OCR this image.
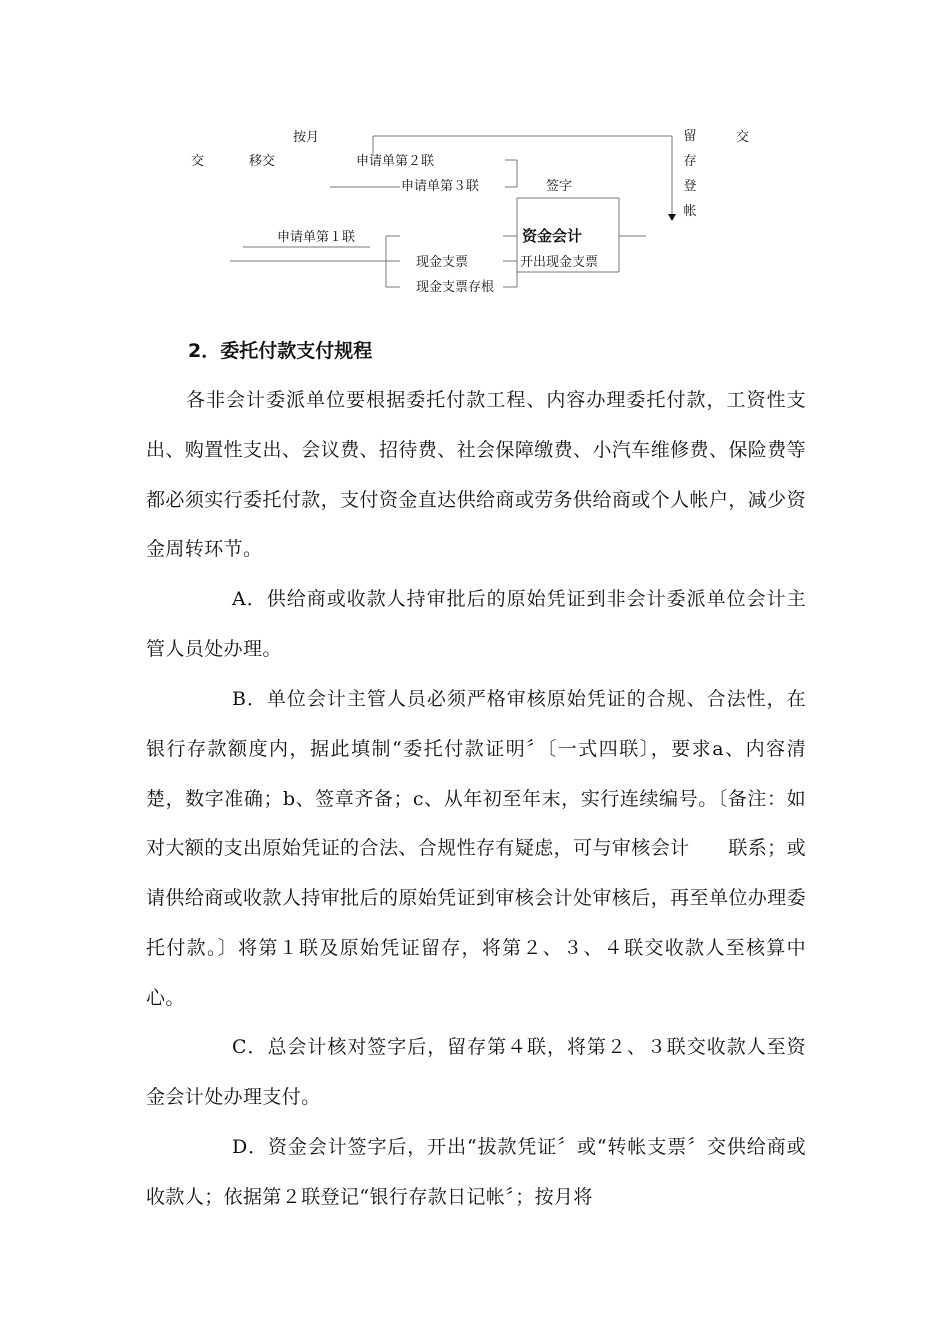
按月
交	移交	申请单第２联
申请单第３联	签字
申请单第１联	资金会计
现金支票	开出现金支票
现金支票存根
留存登帐
交
2．委托付款支付规程

各非会计委派单位要根据委托付款工程、内容办理委托付款，工资性支出、购置性支出、会议费、招待费、社会保障缴费、小汽车维修费、保险费等都必须实行委托付款，支付资金直达供给商或劳务供给商或个人帐户，减少资金周转环节。

A．供给商或收款人持审批后的原始凭证到非会计委派单位会计主管人员处办理。

B．单位会计主管人员必须严格审核原始凭证的合规、合法性，在银行存款额度内，据此填制“委托付款证明〞〔一式四联〕，要求a、内容清楚，数字准确；b、签章齐备；c、从年初至年末，实行连续编号。〔备注：如对大额的支出原始凭证的合法、合规性存有疑虑，可与审核会计　　联系；或请供给商或收款人持审批后的原始凭证到审核会计处审核后，再至单位办理委托付款。〕将第１联及原始凭证留存，将第２、３、４联交收款人至核算中心。

C．总会计核对签字后，留存第４联，将第２、３联交收款人至资金会计处办理支付。

D．资金会计签字后，开出“拔款凭证〞或“转帐支票〞交供给商或收款人；依据第２联登记“银行存款日记帐〞；按月将
